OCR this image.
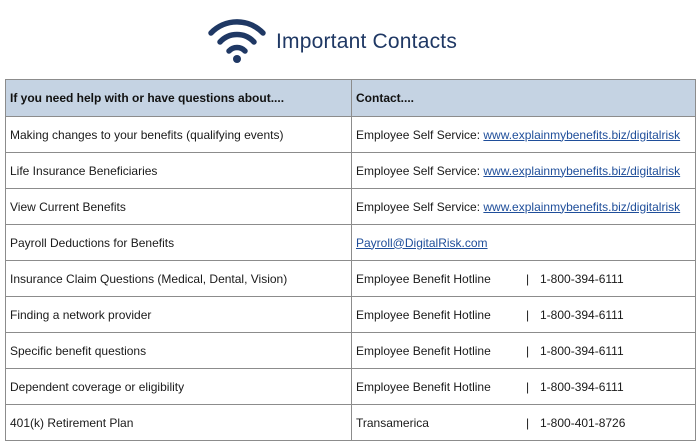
Important Contacts
If you need help with or have questions about....	Contact....
Making changes to your benefits (qualifying events)	Employee Self Service: www.explainmybenefits.biz/digitalrisk
Life Insurance Beneficiaries	Employee Self Service: www.explainmybenefits.biz/digitalrisk
View Current Benefits	Employee Self Service: www.explainmybenefits.biz/digitalrisk
Payroll Deductions for Benefits	Payroll@DigitalRisk.com
Insurance Claim Questions (Medical, Dental, Vision)	Employee Benefit Hotline | 1-800-394-6111

Finding a network provider	Employee Benefit Hotline | 1-800-394-6111

Specific benefit questions	Employee Benefit Hotline | 1-800-394-6111

Dependent coverage or eligibility	Employee Benefit Hotline | 1-800-394-6111

401(k) Retirement Plan	Transamerica | 1-800-401-8726
